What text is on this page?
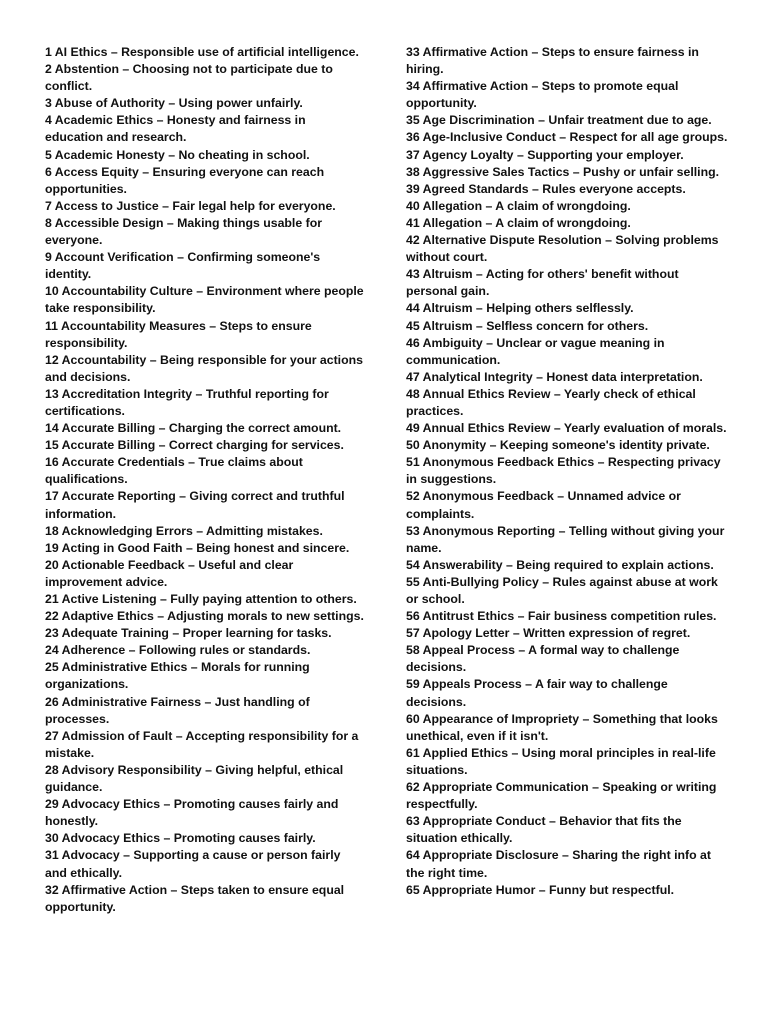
1 AI Ethics – Responsible use of artificial intelligence.
2 Abstention – Choosing not to participate due to conflict.
3 Abuse of Authority – Using power unfairly.
4 Academic Ethics – Honesty and fairness in education and research.
5 Academic Honesty – No cheating in school.
6 Access Equity – Ensuring everyone can reach opportunities.
7 Access to Justice – Fair legal help for everyone.
8 Accessible Design – Making things usable for everyone.
9 Account Verification – Confirming someone's identity.
10 Accountability Culture – Environment where people take responsibility.
11 Accountability Measures – Steps to ensure responsibility.
12 Accountability – Being responsible for your actions and decisions.
13 Accreditation Integrity – Truthful reporting for certifications.
14 Accurate Billing – Charging the correct amount.
15 Accurate Billing – Correct charging for services.
16 Accurate Credentials – True claims about qualifications.
17 Accurate Reporting – Giving correct and truthful information.
18 Acknowledging Errors – Admitting mistakes.
19 Acting in Good Faith – Being honest and sincere.
20 Actionable Feedback – Useful and clear improvement advice.
21 Active Listening – Fully paying attention to others.
22 Adaptive Ethics – Adjusting morals to new settings.
23 Adequate Training – Proper learning for tasks.
24 Adherence – Following rules or standards.
25 Administrative Ethics – Morals for running organizations.
26 Administrative Fairness – Just handling of processes.
27 Admission of Fault – Accepting responsibility for a mistake.
28 Advisory Responsibility – Giving helpful, ethical guidance.
29 Advocacy Ethics – Promoting causes fairly and honestly.
30 Advocacy Ethics – Promoting causes fairly.
31 Advocacy – Supporting a cause or person fairly and ethically.
32 Affirmative Action – Steps taken to ensure equal opportunity.
33 Affirmative Action – Steps to ensure fairness in hiring.
34 Affirmative Action – Steps to promote equal opportunity.
35 Age Discrimination – Unfair treatment due to age.
36 Age-Inclusive Conduct – Respect for all age groups.
37 Agency Loyalty – Supporting your employer.
38 Aggressive Sales Tactics – Pushy or unfair selling.
39 Agreed Standards – Rules everyone accepts.
40 Allegation – A claim of wrongdoing.
41 Allegation – A claim of wrongdoing.
42 Alternative Dispute Resolution – Solving problems without court.
43 Altruism – Acting for others' benefit without personal gain.
44 Altruism – Helping others selflessly.
45 Altruism – Selfless concern for others.
46 Ambiguity – Unclear or vague meaning in communication.
47 Analytical Integrity – Honest data interpretation.
48 Annual Ethics Review – Yearly check of ethical practices.
49 Annual Ethics Review – Yearly evaluation of morals.
50 Anonymity – Keeping someone's identity private.
51 Anonymous Feedback Ethics – Respecting privacy in suggestions.
52 Anonymous Feedback – Unnamed advice or complaints.
53 Anonymous Reporting – Telling without giving your name.
54 Answerability – Being required to explain actions.
55 Anti-Bullying Policy – Rules against abuse at work or school.
56 Antitrust Ethics – Fair business competition rules.
57 Apology Letter – Written expression of regret.
58 Appeal Process – A formal way to challenge decisions.
59 Appeals Process – A fair way to challenge decisions.
60 Appearance of Impropriety – Something that looks unethical, even if it isn't.
61 Applied Ethics – Using moral principles in real-life situations.
62 Appropriate Communication – Speaking or writing respectfully.
63 Appropriate Conduct – Behavior that fits the situation ethically.
64 Appropriate Disclosure – Sharing the right info at the right time.
65 Appropriate Humor – Funny but respectful.
